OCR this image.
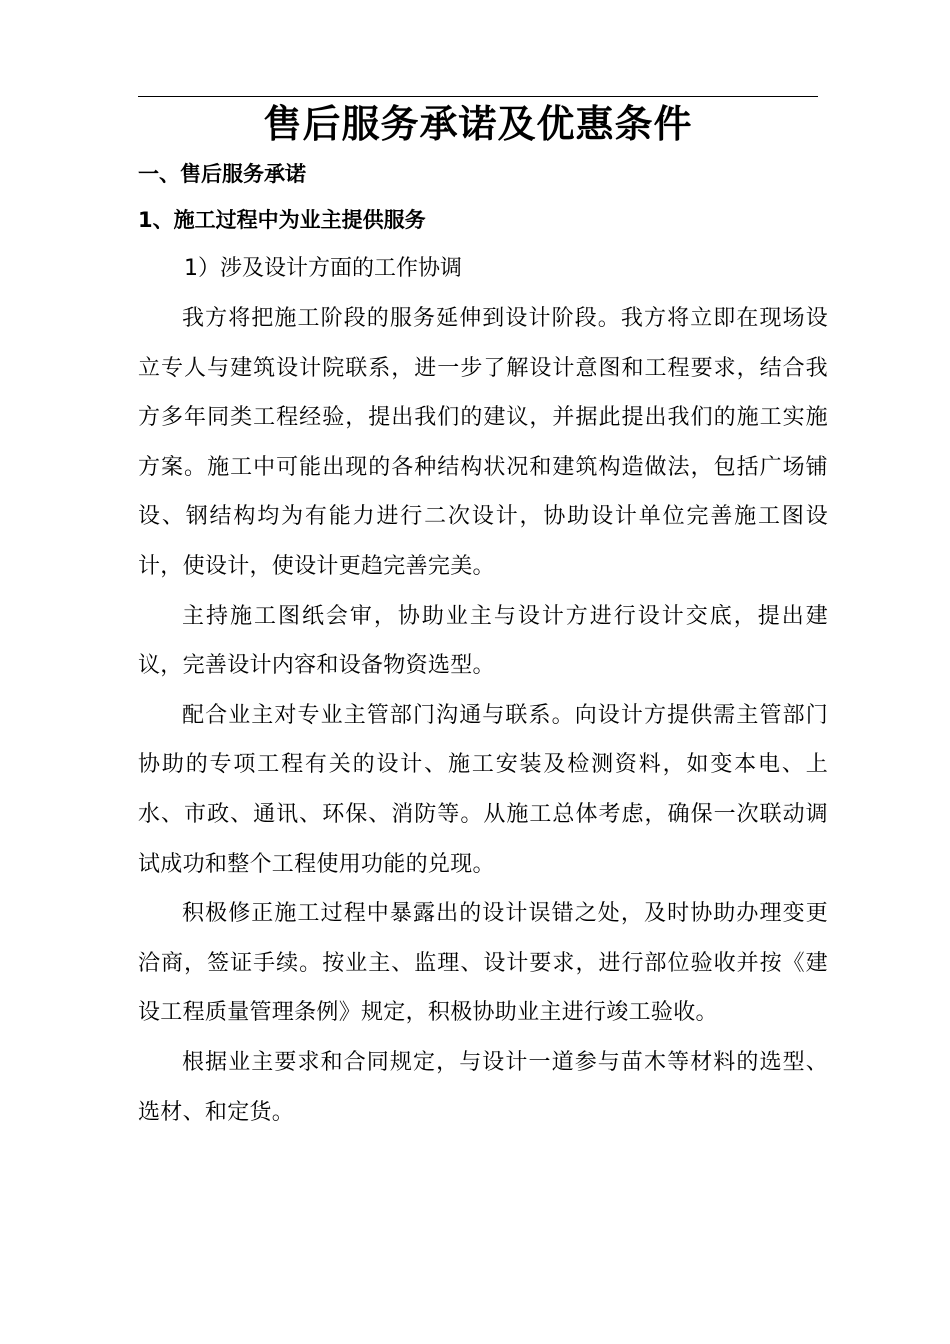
售后服务承诺及优惠条件
一、售后服务承诺
1、施工过程中为业主提供服务
1）涉及设计方面的工作协调

我方将把施工阶段的服务延伸到设计阶段。我方将立即在现场设立专人与建筑设计院联系，进一步了解设计意图和工程要求，结合我方多年同类工程经验，提出我们的建议，并据此提出我们的施工实施方案。施工中可能出现的各种结构状况和建筑构造做法，包括广场铺设、钢结构均为有能力进行二次设计，协助设计单位完善施工图设计，使设计，使设计更趋完善完美。

主持施工图纸会审，协助业主与设计方进行设计交底，提出建议，完善设计内容和设备物资选型。

配合业主对专业主管部门沟通与联系。向设计方提供需主管部门协助的专项工程有关的设计、施工安装及检测资料，如变本电、上水、市政、通讯、环保、消防等。从施工总体考虑，确保一次联动调试成功和整个工程使用功能的兑现。

积极修正施工过程中暴露出的设计误错之处，及时协助办理变更洽商，签证手续。按业主、监理、设计要求，进行部位验收并按《建设工程质量管理条例》规定，积极协助业主进行竣工验收。

根据业主要求和合同规定，与设计一道参与苗木等材料的选型、选材、和定货。
